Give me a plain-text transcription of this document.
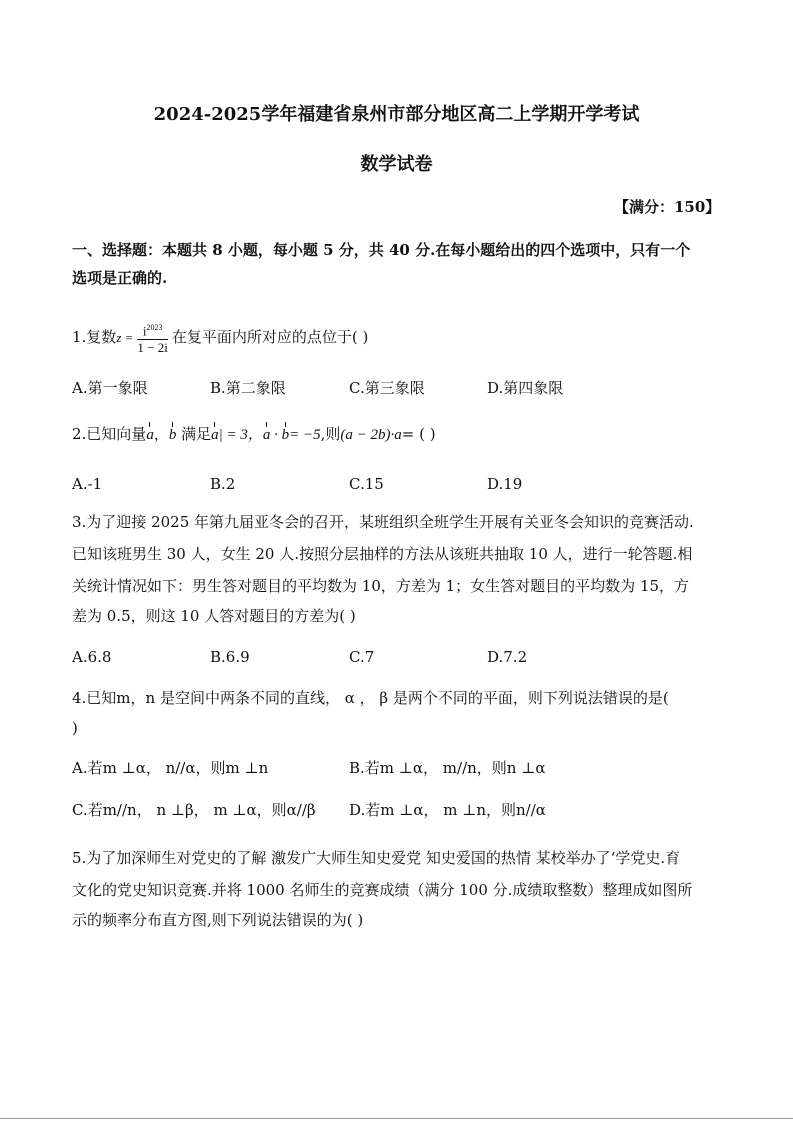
2024-2025学年福建省泉州市部分地区高二上学期开学考试
数学试卷
【满分：150】
一、选择题：本题共 8 小题，每小题 5 分，共 40 分.在每小题给出的四个选项中，只有一个
选项是正确的.
1.复数$z = \frac{i^{2023}}{1 - 2i}$ 在复平面内所对应的点位于( )
A.第一象限	B.第二象限	C.第三象限	D.第四象限
2.已知向量a，b 满足a| = 3，a · b= −5,则(a − 2b)·a= ( )
A.-1	B.2	C.15	D.19
3.为了迎接 2025 年第九届亚冬会的召开，某班组织全班学生开展有关亚冬会知识的竞赛活动.
已知该班男生 30 人，女生 20 人.按照分层抽样的方法从该班共抽取 10 人，进行一轮答题.相
关统计情况如下：男生答对题目的平均数为 10，方差为 1；女生答对题目的平均数为 15，方
差为 0.5，则这 10 人答对题目的方差为( )
A.6.8	B.6.9	C.7	D.7.2
4.已知m，n 是空间中两条不同的直线， α ， β 是两个不同的平面，则下列说法错误的是(
)
A.若m ⊥α， n//α，则m ⊥n	B.若m ⊥α， m//n，则n ⊥α
C.若m//n， n ⊥β， m ⊥α，则α//β D.若m ⊥α， m ⊥n，则n//α
5.为了加深师生对党史的了解 激发广大师生知史爱党 知史爱国的热情 某校举办了‘学党史.育
文化的党史知识竞赛.并将 1000 名师生的竞赛成绩（满分 100 分.成绩取整数）整理成如图所
示的频率分布直方图,则下列说法错误的为( )
